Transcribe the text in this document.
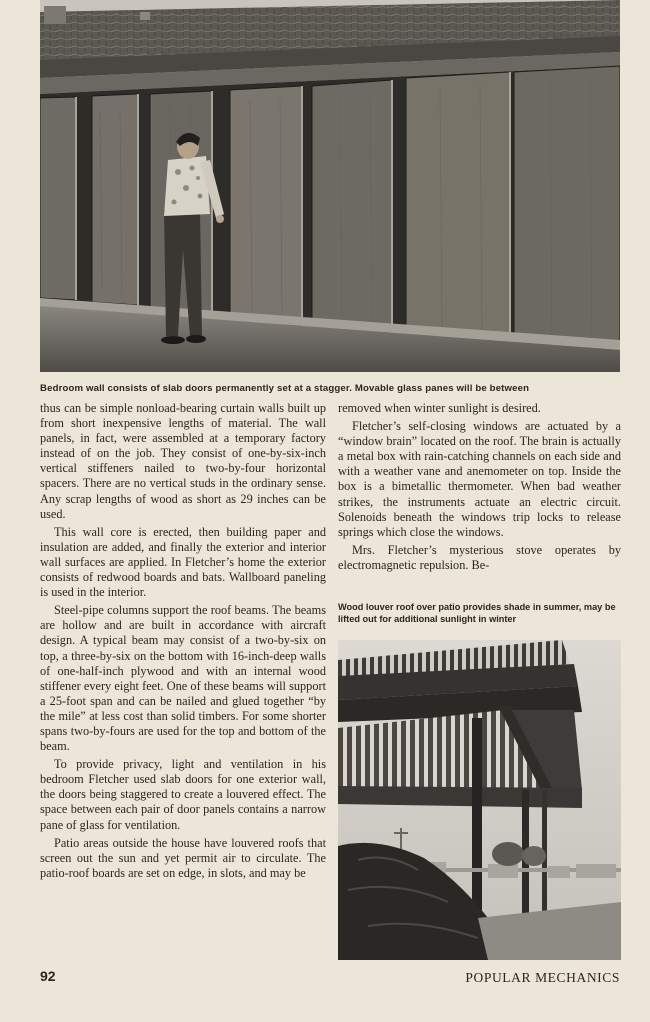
Bedroom wall consists of slab doors permanently set at a stagger. Movable glass panes will be between

thus can be simple nonload-bearing curtain walls built up from short inexpensive lengths of material. The wall panels, in fact, were assembled at a temporary factory instead of on the job. They consist of one-by-six-inch vertical stiffeners nailed to two-by-four horizontal spacers. There are no vertical studs in the ordinary sense. Any scrap lengths of wood as short as 29 inches can be used.

This wall core is erected, then building paper and insulation are added, and finally the exterior and interior wall surfaces are applied. In Fletcher’s home the exterior consists of redwood boards and bats. Wallboard paneling is used in the interior.

Steel-pipe columns support the roof beams. The beams are hollow and are built in accordance with aircraft design. A typical beam may consist of a two-by-six on top, a three-by-six on the bottom with 16-inch-deep walls of one-half-inch plywood and with an internal wood stiffener every eight feet. One of these beams will support a 25-foot span and can be nailed and glued together “by the mile” at less cost than solid timbers. For some shorter spans two-by-fours are used for the top and bottom of the beam.

To provide privacy, light and ventilation in his bedroom Fletcher used slab doors for one exterior wall, the doors being staggered to create a louvered effect. The space between each pair of door panels contains a narrow pane of glass for ventilation.

Patio areas outside the house have louvered roofs that screen out the sun and yet permit air to circulate. The patio-roof boards are set on edge, in slots, and may be

removed when winter sunlight is desired.

Fletcher’s self-closing windows are actuated by a “window brain” located on the roof. The brain is actually a metal box with rain-catching channels on each side and with a weather vane and anemometer on top. Inside the box is a bimetallic thermometer. When bad weather strikes, the instruments actuate an electric circuit. Solenoids beneath the windows trip locks to release springs which close the windows.

Mrs. Fletcher’s mysterious stove operates by electromagnetic repulsion. Be-

Wood louver roof over patio provides shade in summer, may be lifted out for additional sunlight in winter
92	POPULAR MECHANICS
